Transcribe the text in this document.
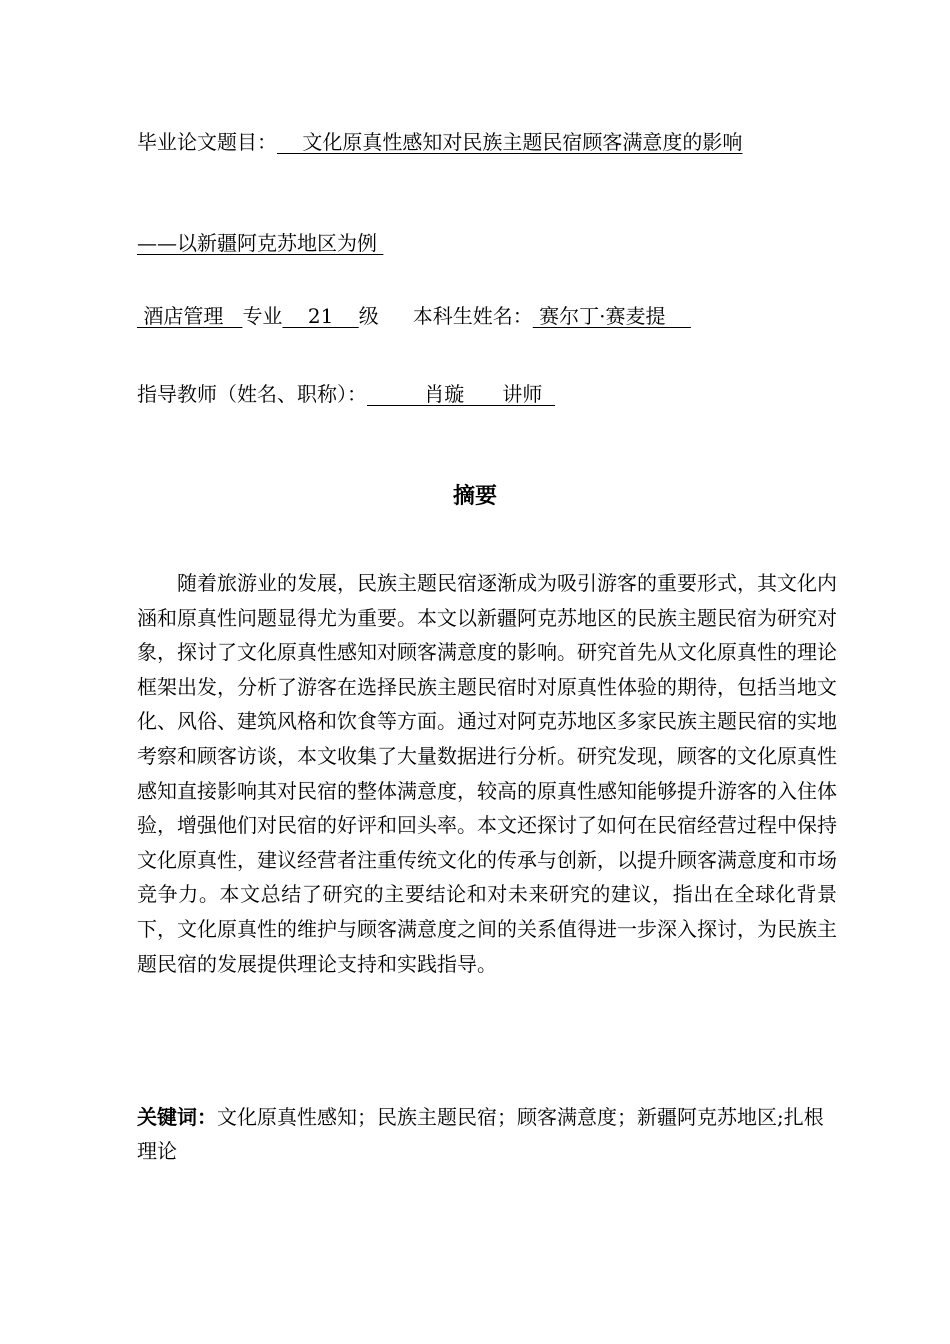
毕业论文题目：    文化原真性感知对民族主题民宿顾客满意度的影响
——以新疆阿克苏地区为例
酒店管理   专业    21    级 本科生姓名： 赛尔丁·赛麦提
指导教师（姓名、职称）：         肖璇      讲师
摘要

随着旅游业的发展，民族主题民宿逐渐成为吸引游客的重要形式，其文化内涵和原真性问题显得尤为重要。本文以新疆阿克苏地区的民族主题民宿为研究对象，探讨了文化原真性感知对顾客满意度的影响。研究首先从文化原真性的理论框架出发，分析了游客在选择民族主题民宿时对原真性体验的期待，包括当地文化、风俗、建筑风格和饮食等方面。通过对阿克苏地区多家民族主题民宿的实地考察和顾客访谈，本文收集了大量数据进行分析。研究发现，顾客的文化原真性感知直接影响其对民宿的整体满意度，较高的原真性感知能够提升游客的入住体验，增强他们对民宿的好评和回头率。本文还探讨了如何在民宿经营过程中保持文化原真性，建议经营者注重传统文化的传承与创新，以提升顾客满意度和市场竞争力。本文总结了研究的主要结论和对未来研究的建议，指出在全球化背景下，文化原真性的维护与顾客满意度之间的关系值得进一步深入探讨，为民族主题民宿的发展提供理论支持和实践指导。

关键词：文化原真性感知；民族主题民宿；顾客满意度；新疆阿克苏地区;扎根理论
